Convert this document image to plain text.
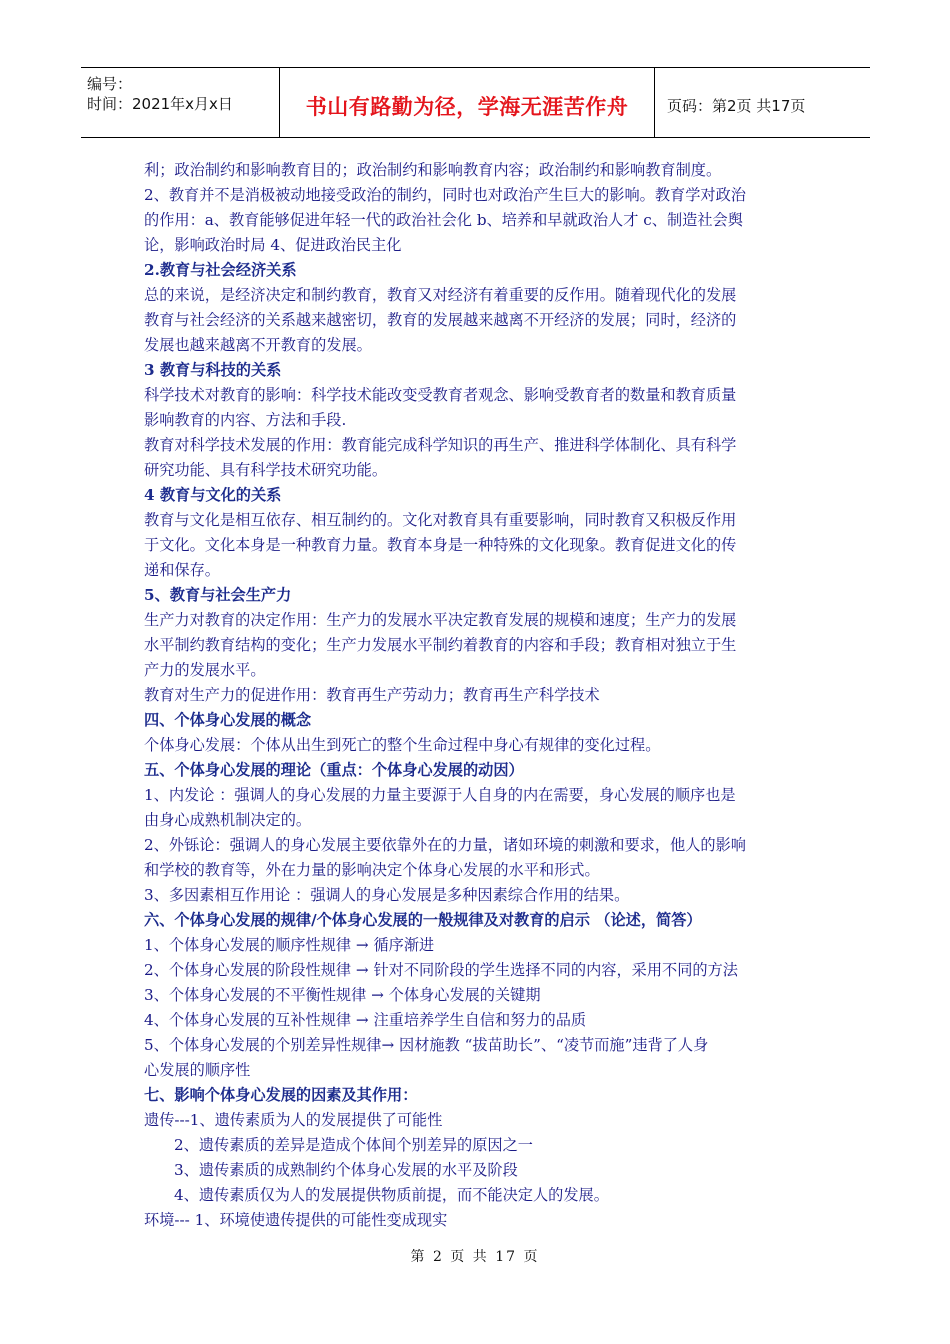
编号：
时间：2021年x月x日	书山有路勤为径，学海无涯苦作舟	页码：第2页 共17页
利；政治制约和影响教育目的；政治制约和影响教育内容；政治制约和影响教育制度。
2、教育并不是消极被动地接受政治的制约，同时也对政治产生巨大的影响。教育学对政治
的作用：a、教育能够促进年轻一代的政治社会化 b、培养和早就政治人才 c、制造社会舆
论，影响政治时局 4、促进政治民主化
2.教育与社会经济关系
总的来说，是经济决定和制约教育，教育又对经济有着重要的反作用。随着现代化的发展
教育与社会经济的关系越来越密切，教育的发展越来越离不开经济的发展；同时，经济的
发展也越来越离不开教育的发展。
3 教育与科技的关系
科学技术对教育的影响：科学技术能改变受教育者观念、影响受教育者的数量和教育质量
影响教育的内容、方法和手段.
教育对科学技术发展的作用：教育能完成科学知识的再生产、推进科学体制化、具有科学
研究功能、具有科学技术研究功能。
4 教育与文化的关系
教育与文化是相互依存、相互制约的。文化对教育具有重要影响，同时教育又积极反作用
于文化。文化本身是一种教育力量。教育本身是一种特殊的文化现象。教育促进文化的传
递和保存。
5、教育与社会生产力
生产力对教育的决定作用：生产力的发展水平决定教育发展的规模和速度；生产力的发展
水平制约教育结构的变化；生产力发展水平制约着教育的内容和手段；教育相对独立于生
产力的发展水平。
教育对生产力的促进作用：教育再生产劳动力；教育再生产科学技术
四、个体身心发展的概念
个体身心发展：个体从出生到死亡的整个生命过程中身心有规律的变化过程。
五、个体身心发展的理论（重点：个体身心发展的动因）
1、内发论 ：强调人的身心发展的力量主要源于人自身的内在需要，身心发展的顺序也是
由身心成熟机制决定的。
2、外铄论：强调人的身心发展主要依靠外在的力量，诸如环境的刺激和要求，他人的影响
和学校的教育等，外在力量的影响决定个体身心发展的水平和形式。
3、多因素相互作用论 ：强调人的身心发展是多种因素综合作用的结果。
六、个体身心发展的规律/个体身心发展的一般规律及对教育的启示 （论述，简答）
1、个体身心发展的顺序性规律 → 循序渐进
2、个体身心发展的阶段性规律 → 针对不同阶段的学生选择不同的内容，采用不同的方法
3、个体身心发展的不平衡性规律 → 个体身心发展的关键期
4、个体身心发展的互补性规律 → 注重培养学生自信和努力的品质
5、个体身心发展的个别差异性规律→ 因材施教 “拔苗助长”、“凌节而施”违背了人身
心发展的顺序性
七、影响个体身心发展的因素及其作用：
遗传---1、遗传素质为人的发展提供了可能性
2、遗传素质的差异是造成个体间个别差异的原因之一
3、遗传素质的成熟制约个体身心发展的水平及阶段
4、遗传素质仅为人的发展提供物质前提，而不能决定人的发展。
环境--- 1、环境使遗传提供的可能性变成现实
第 2 页 共 17 页
